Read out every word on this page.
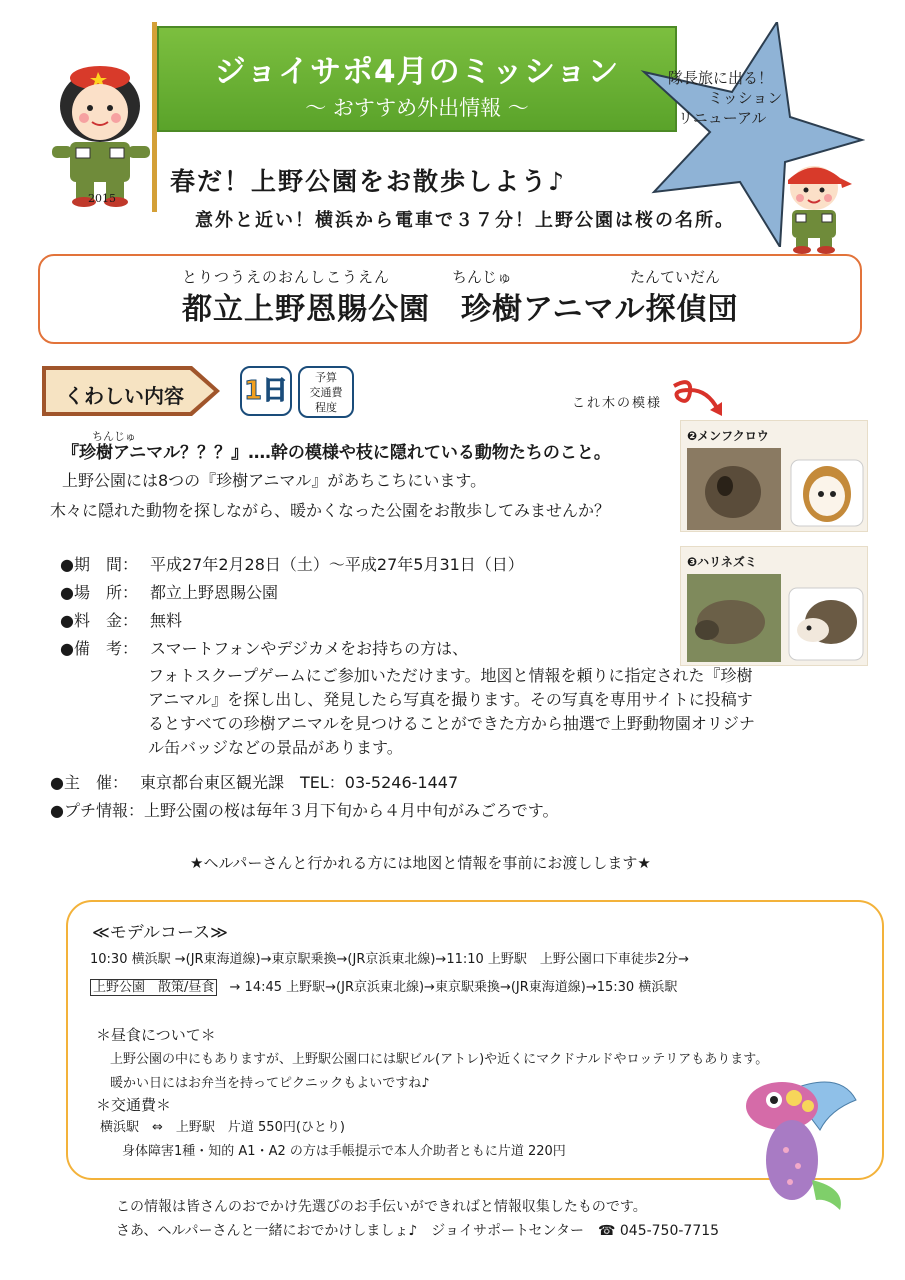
ジョイサポ4月のミッション
〜 おすすめ外出情報 〜
隊長旅に出る！
ミッション
リニューアル
2015
春だ！上野公園をお散歩しよう♪
意外と近い！横浜から電車で３７分！上野公園は桜の名所。
とりつうえのおんしこうえん	ちんじゅ	たんていだん
都立上野恩賜公園　珍樹アニマル探偵団
くわしい内容 1日	予算
交通費
程度	これ木の模様
❷メンフクロウ
❸ハリネズミ
ちんじゅ
『珍樹アニマル？？？』‥‥幹の模様や枝に隠れている動物たちのこと。
上野公園には8つの『珍樹アニマル』があちこちにいます。
木々に隠れた動物を探しながら、暖かくなった公園をお散歩してみませんか？
●期　間： 平成27年2月28日（土）〜平成27年5月31日（日）
●場　所： 都立上野恩賜公園
●料　金： 無料
●備　考： スマートフォンやデジカメをお持ちの方は、
フォトスクープゲームにご参加いただけます。地図と情報を頼りに指定された『珍樹
アニマル』を探し出し、発見したら写真を撮ります。その写真を専用サイトに投稿す
るとすべての珍樹アニマルを見つけることができた方から抽選で上野動物園オリジナ
ル缶バッジなどの景品があります。
●主　催： 東京都台東区観光課　TEL：03-5246-1447
●プチ情報：上野公園の桜は毎年３月下旬から４月中旬がみごろです。
★ヘルパーさんと行かれる方には地図と情報を事前にお渡しします★
≪モデルコース≫
10:30 横浜駅 →(JR東海道線)→東京駅乗換→(JR京浜東北線)→11:10 上野駅　上野公園口下車徒歩2分→
上野公園　散策/昼食 → 14:45 上野駅→(JR京浜東北線)→東京駅乗換→(JR東海道線)→15:30 横浜駅
＊昼食について＊
上野公園の中にもありますが、上野駅公園口には駅ビル(アトレ)や近くにマクドナルドやロッテリアもあります。
暖かい日にはお弁当を持ってピクニックもよいですね♪
＊交通費＊
横浜駅　⇔　上野駅　片道 550円(ひとり)
身体障害1種・知的 A1・A2 の方は手帳提示で本人介助者ともに片道 220円
この情報は皆さんのおでかけ先選びのお手伝いができればと情報収集したものです。
さあ、ヘルパーさんと一緒におでかけしましょ♪　ジョイサポートセンター　☎ 045-750-7715
